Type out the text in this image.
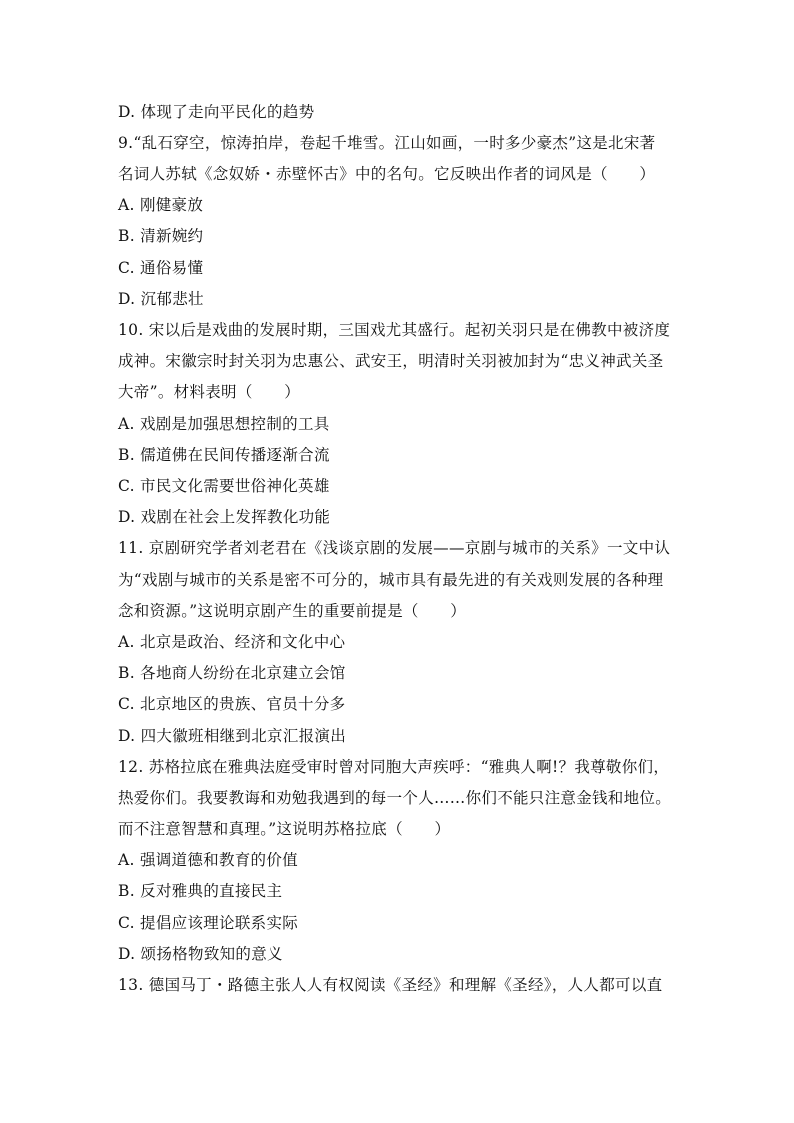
D. 体现了走向平民化的趋势
9.“乱石穿空，惊涛拍岸，卷起千堆雪。江山如画，一时多少豪杰”这是北宋著
名词人苏轼《念奴娇・赤壁怀古》中的名句。它反映出作者的词风是（　　）
A. 刚健豪放
B. 清新婉约
C. 通俗易懂
D. 沉郁悲壮
10. 宋以后是戏曲的发展时期，三国戏尤其盛行。起初关羽只是在佛教中被济度
成神。宋徽宗时封关羽为忠惠公、武安王，明清时关羽被加封为“忠义神武关圣
大帝”。材料表明（　　）
A. 戏剧是加强思想控制的工具
B. 儒道佛在民间传播逐渐合流
C. 市民文化需要世俗神化英雄
D. 戏剧在社会上发挥教化功能
11. 京剧研究学者刘老君在《浅谈京剧的发展——京剧与城市的关系》一文中认
为“戏剧与城市的关系是密不可分的，城市具有最先进的有关戏则发展的各种理
念和资源。”这说明京剧产生的重要前提是（　　）
A. 北京是政治、经济和文化中心
B. 各地商人纷纷在北京建立会馆
C. 北京地区的贵族、官员十分多
D. 四大徽班相继到北京汇报演出
12. 苏格拉底在雅典法庭受审时曾对同胞大声疾呼：“雅典人啊!？我尊敬你们，
热爱你们。我要教诲和劝勉我遇到的每一个人……你们不能只注意金钱和地位。
而不注意智慧和真理。”这说明苏格拉底（　　）
A. 强调道德和教育的价值
B. 反对雅典的直接民主
C. 提倡应该理论联系实际
D. 颂扬格物致知的意义
13. 德国马丁・路德主张人人有权阅读《圣经》和理解《圣经》，人人都可以直
